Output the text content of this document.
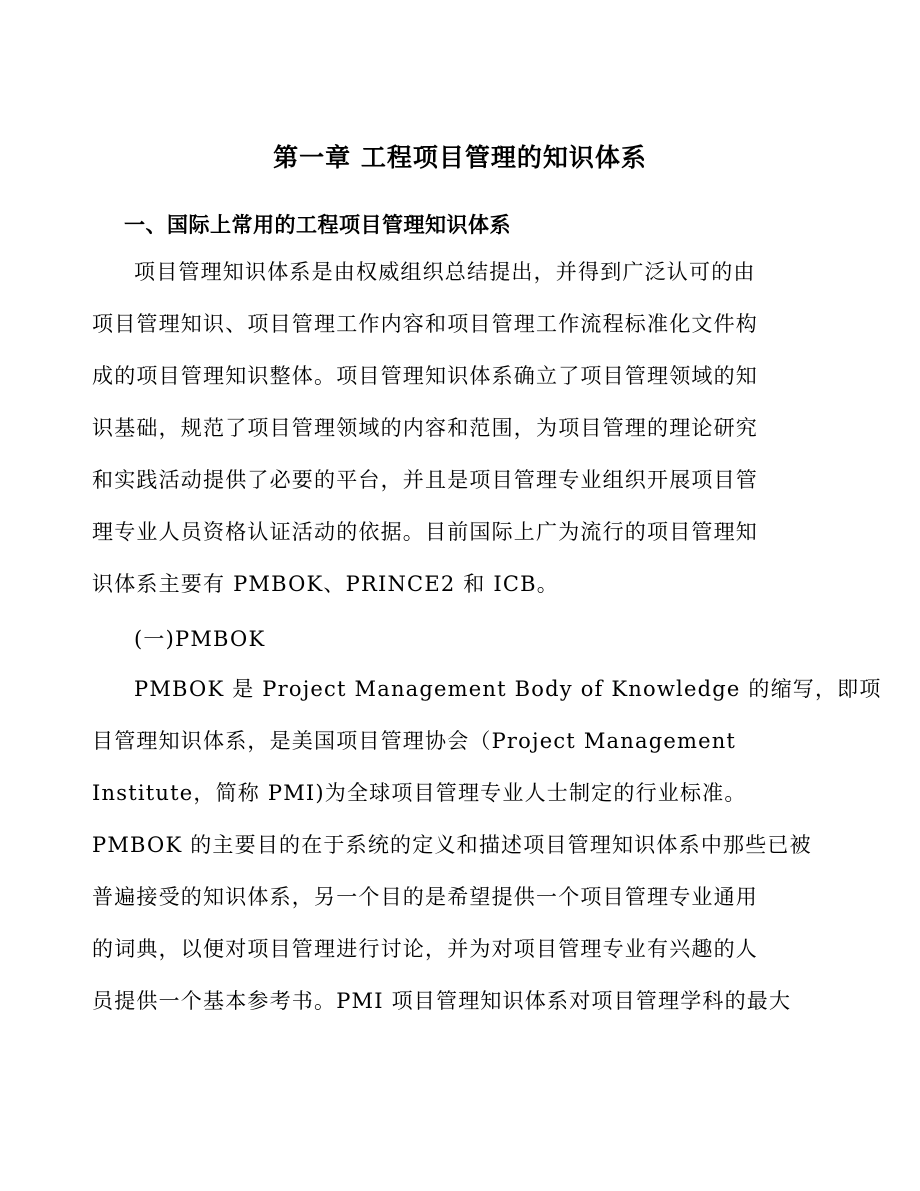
第一章 工程项目管理的知识体系
一、国际上常用的工程项目管理知识体系
项目管理知识体系是由权威组织总结提出，并得到广泛认可的由
项目管理知识、项目管理工作内容和项目管理工作流程标准化文件构
成的项目管理知识整体。项目管理知识体系确立了项目管理领域的知
识基础，规范了项目管理领域的内容和范围，为项目管理的理论研究
和实践活动提供了必要的平台，并且是项目管理专业组织开展项目管
理专业人员资格认证活动的依据。目前国际上广为流行的项目管理知
识体系主要有 PMBOK、PRINCE2 和 ICB。
(一)PMBOK
PMBOK 是 Project Management Body of Knowledge 的缩写，即项
目管理知识体系，是美国项目管理协会（Project Management
Institute，简称 PMI)为全球项目管理专业人士制定的行业标准。
PMBOK 的主要目的在于系统的定义和描述项目管理知识体系中那些已被
普遍接受的知识体系，另一个目的是希望提供一个项目管理专业通用
的词典，以便对项目管理进行讨论，并为对项目管理专业有兴趣的人
员提供一个基本参考书。PMI 项目管理知识体系对项目管理学科的最大
